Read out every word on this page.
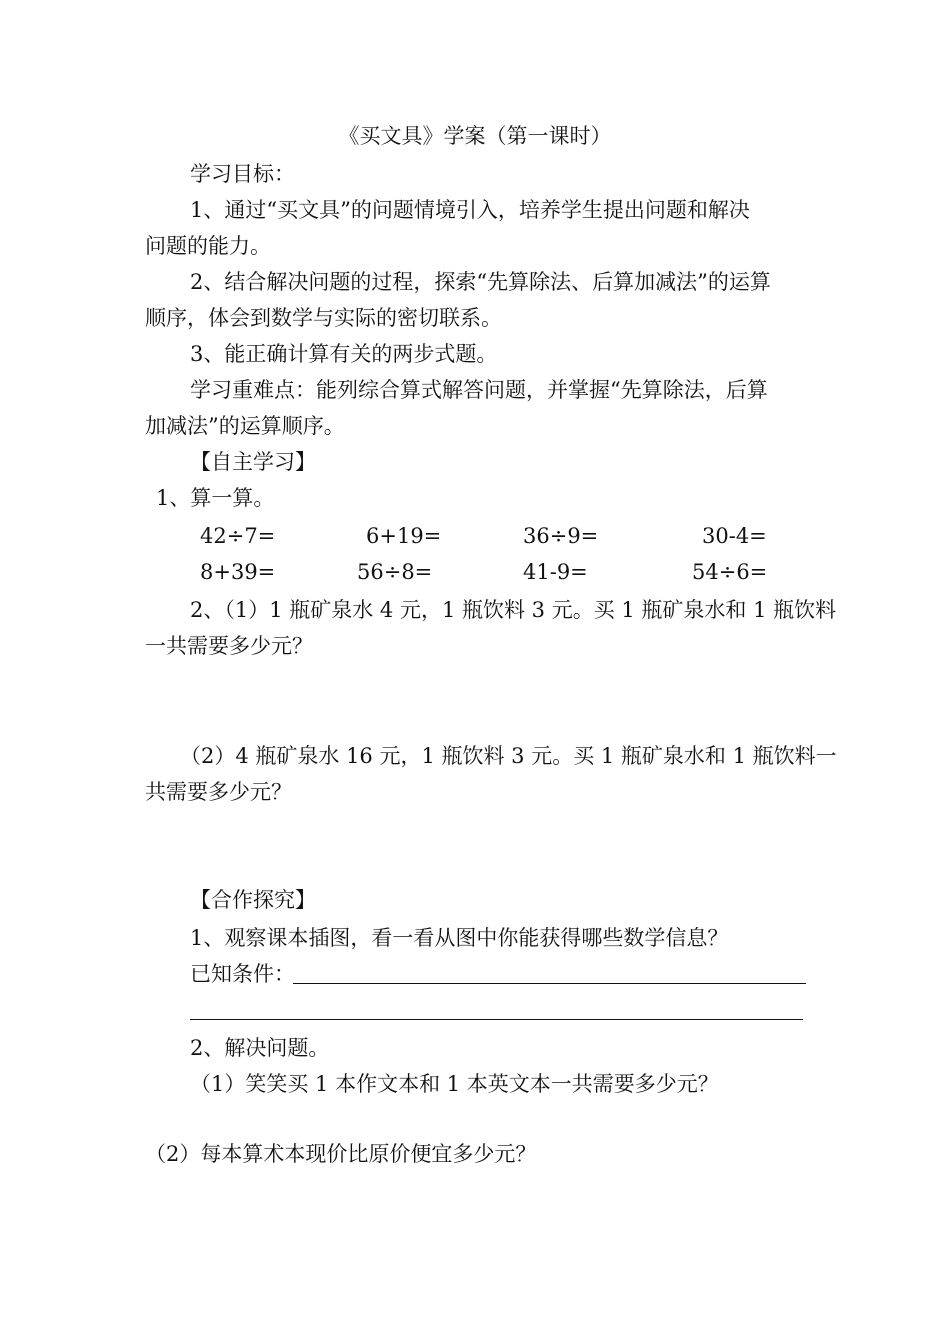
《买文具》学案（第一课时）
学习目标：
1、通过“买文具”的问题情境引入，培养学生提出问题和解决
问题的能力。
2、结合解决问题的过程，探索“先算除法、后算加减法”的运算
顺序，体会到数学与实际的密切联系。
3、能正确计算有关的两步式题。
学习重难点：能列综合算式解答问题，并掌握“先算除法，后算
加减法”的运算顺序。
【自主学习】
1、算一算。
42÷7=	6+19=	36÷9=	30-4=
8+39=	56÷8=	41-9=	54÷6=
2、（1）1 瓶矿泉水 4 元，1 瓶饮料 3 元。买 1 瓶矿泉水和 1 瓶饮料
一共需要多少元？
（2）4 瓶矿泉水 16 元，1 瓶饮料 3 元。买 1 瓶矿泉水和 1 瓶饮料一
共需要多少元？
【合作探究】
1、观察课本插图，看一看从图中你能获得哪些数学信息？
已知条件：
2、解决问题。
（1）笑笑买 1 本作文本和 1 本英文本一共需要多少元？
（2）每本算术本现价比原价便宜多少元？
